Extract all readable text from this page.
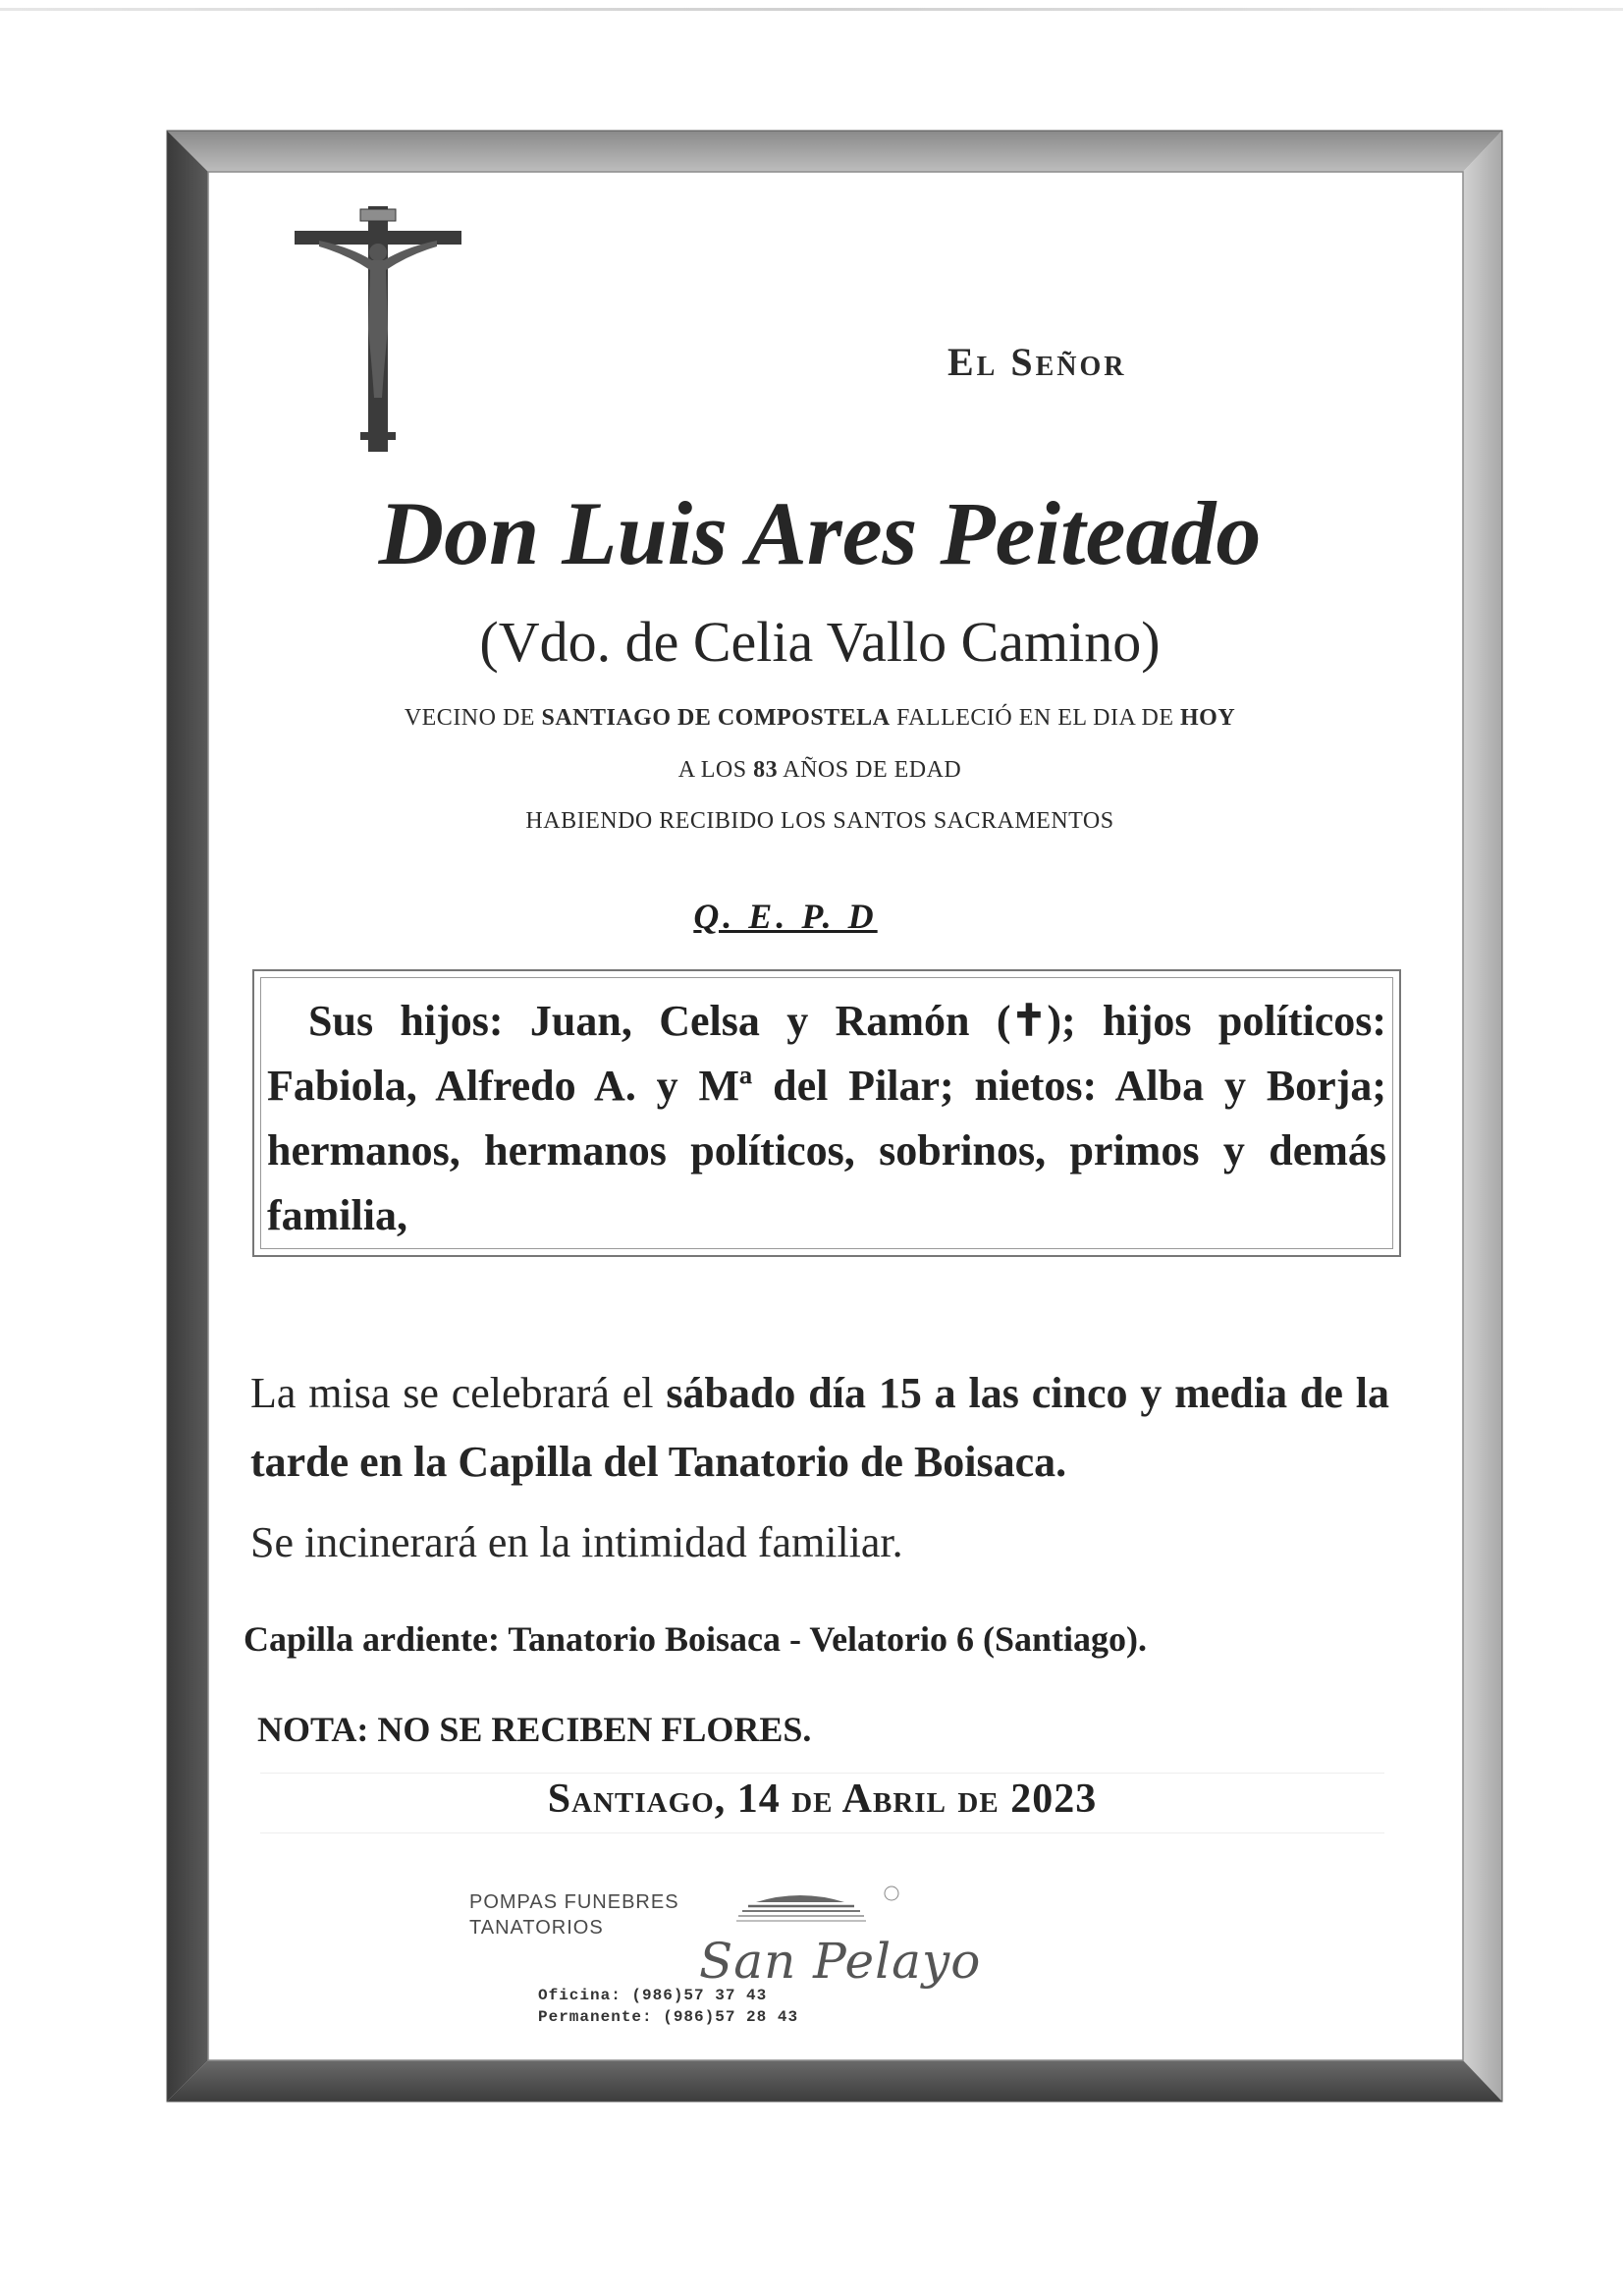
El Señor
Don Luis Ares Peiteado
(Vdo. de Celia Vallo Camino)
VECINO DE SANTIAGO DE COMPOSTELA FALLECIÓ EN EL DIA DE HOY
A LOS 83 AÑOS DE EDAD
HABIENDO RECIBIDO LOS SANTOS SACRAMENTOS
Q. E. P. D
Sus hijos: Juan, Celsa y Ramón (✝); hijos políticos: Fabiola, Alfredo A. y Mª del Pilar; nietos: Alba y Borja; hermanos, hermanos políticos, sobrinos, primos y demás familia,
La misa se celebrará el sábado día 15 a las cinco y media de la tarde en la Capilla del Tanatorio de Boisaca.
Se incinerará en la intimidad familiar.
Capilla ardiente: Tanatorio Boisaca - Velatorio 6 (Santiago).
NOTA: NO SE RECIBEN FLORES.
Santiago, 14 de Abril de 2023
POMPAS FUNEBRES
TANATORIOS
San Pelayo
Oficina: (986)57 37 43
Permanente: (986)57 28 43
